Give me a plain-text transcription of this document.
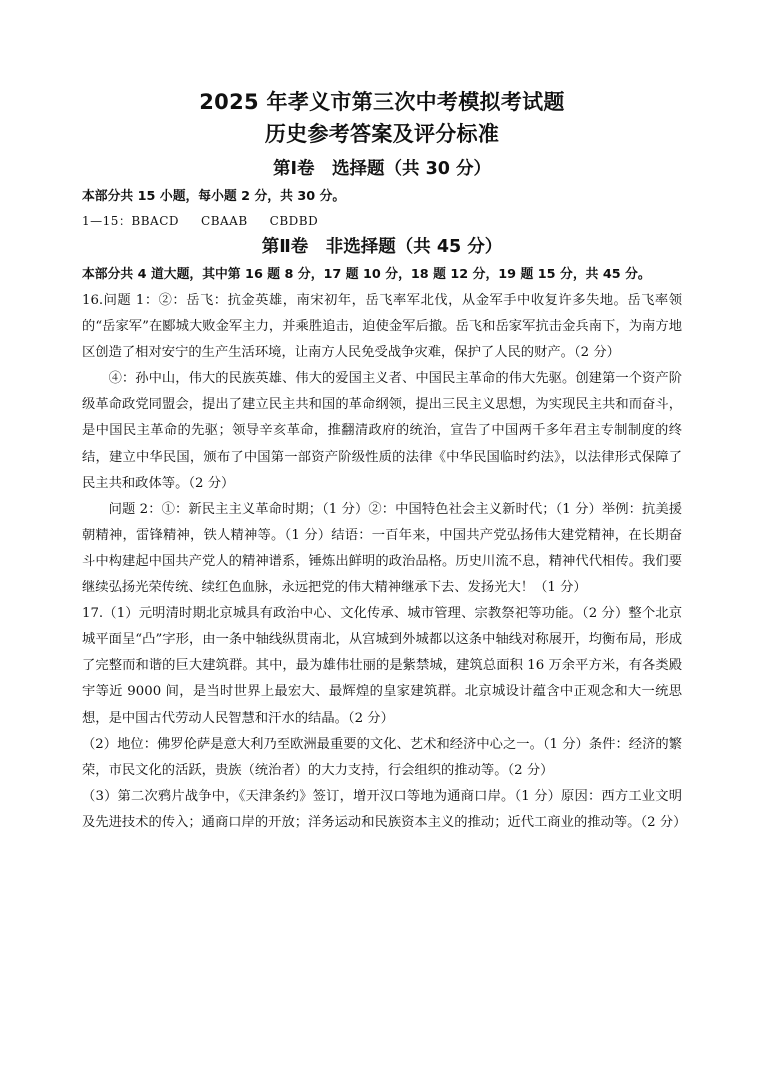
2025 年孝义市第三次中考模拟考试题
历史参考答案及评分标准
第Ⅰ卷　选择题（共 30 分）

本部分共 15 小题，每小题 2 分，共 30 分。

1—15：BBACD CBAAB CBDBD

第Ⅱ卷　非选择题（共 45 分）

本部分共 4 道大题，其中第 16 题 8 分，17 题 10 分，18 题 12 分，19 题 15 分，共 45 分。

16.问题 1：②：岳飞：抗金英雄，南宋初年，岳飞率军北伐，从金军手中收复许多失地。岳飞率领的“岳家军”在郾城大败金军主力，并乘胜追击，迫使金军后撤。岳飞和岳家军抗击金兵南下，为南方地区创造了相对安宁的生产生活环境，让南方人民免受战争灾难，保护了人民的财产。（2 分）

④：孙中山，伟大的民族英雄、伟大的爱国主义者、中国民主革命的伟大先驱。创建第一个资产阶级革命政党同盟会，提出了建立民主共和国的革命纲领，提出三民主义思想，为实现民主共和而奋斗，是中国民主革命的先驱；领导辛亥革命，推翻清政府的统治，宣告了中国两千多年君主专制制度的终结，建立中华民国，颁布了中国第一部资产阶级性质的法律《中华民国临时约法》，以法律形式保障了民主共和政体等。（2 分）

问题 2：①：新民主主义革命时期；（1 分）②：中国特色社会主义新时代；（1 分）举例：抗美援朝精神，雷锋精神，铁人精神等。（1 分）结语：一百年来，中国共产党弘扬伟大建党精神，在长期奋斗中构建起中国共产党人的精神谱系，锤炼出鲜明的政治品格。历史川流不息，精神代代相传。我们要继续弘扬光荣传统、续红色血脉，永远把党的伟大精神继承下去、发扬光大！（1 分）

17.（1）元明清时期北京城具有政治中心、文化传承、城市管理、宗教祭祀等功能。（2 分）整个北京城平面呈“凸”字形，由一条中轴线纵贯南北，从宫城到外城都以这条中轴线对称展开，均衡布局，形成了完整而和谐的巨大建筑群。其中，最为雄伟壮丽的是紫禁城，建筑总面积 16 万余平方米，有各类殿宇等近 9000 间，是当时世界上最宏大、最辉煌的皇家建筑群。北京城设计蕴含中正观念和大一统思想，是中国古代劳动人民智慧和汗水的结晶。（2 分）

（2）地位：佛罗伦萨是意大利乃至欧洲最重要的文化、艺术和经济中心之一。（1 分）条件：经济的繁荣，市民文化的活跃，贵族（统治者）的大力支持，行会组织的推动等。（2 分）

（3）第二次鸦片战争中，《天津条约》签订，增开汉口等地为通商口岸。（1 分）原因：西方工业文明及先进技术的传入；通商口岸的开放；洋务运动和民族资本主义的推动；近代工商业的推动等。（2 分）
